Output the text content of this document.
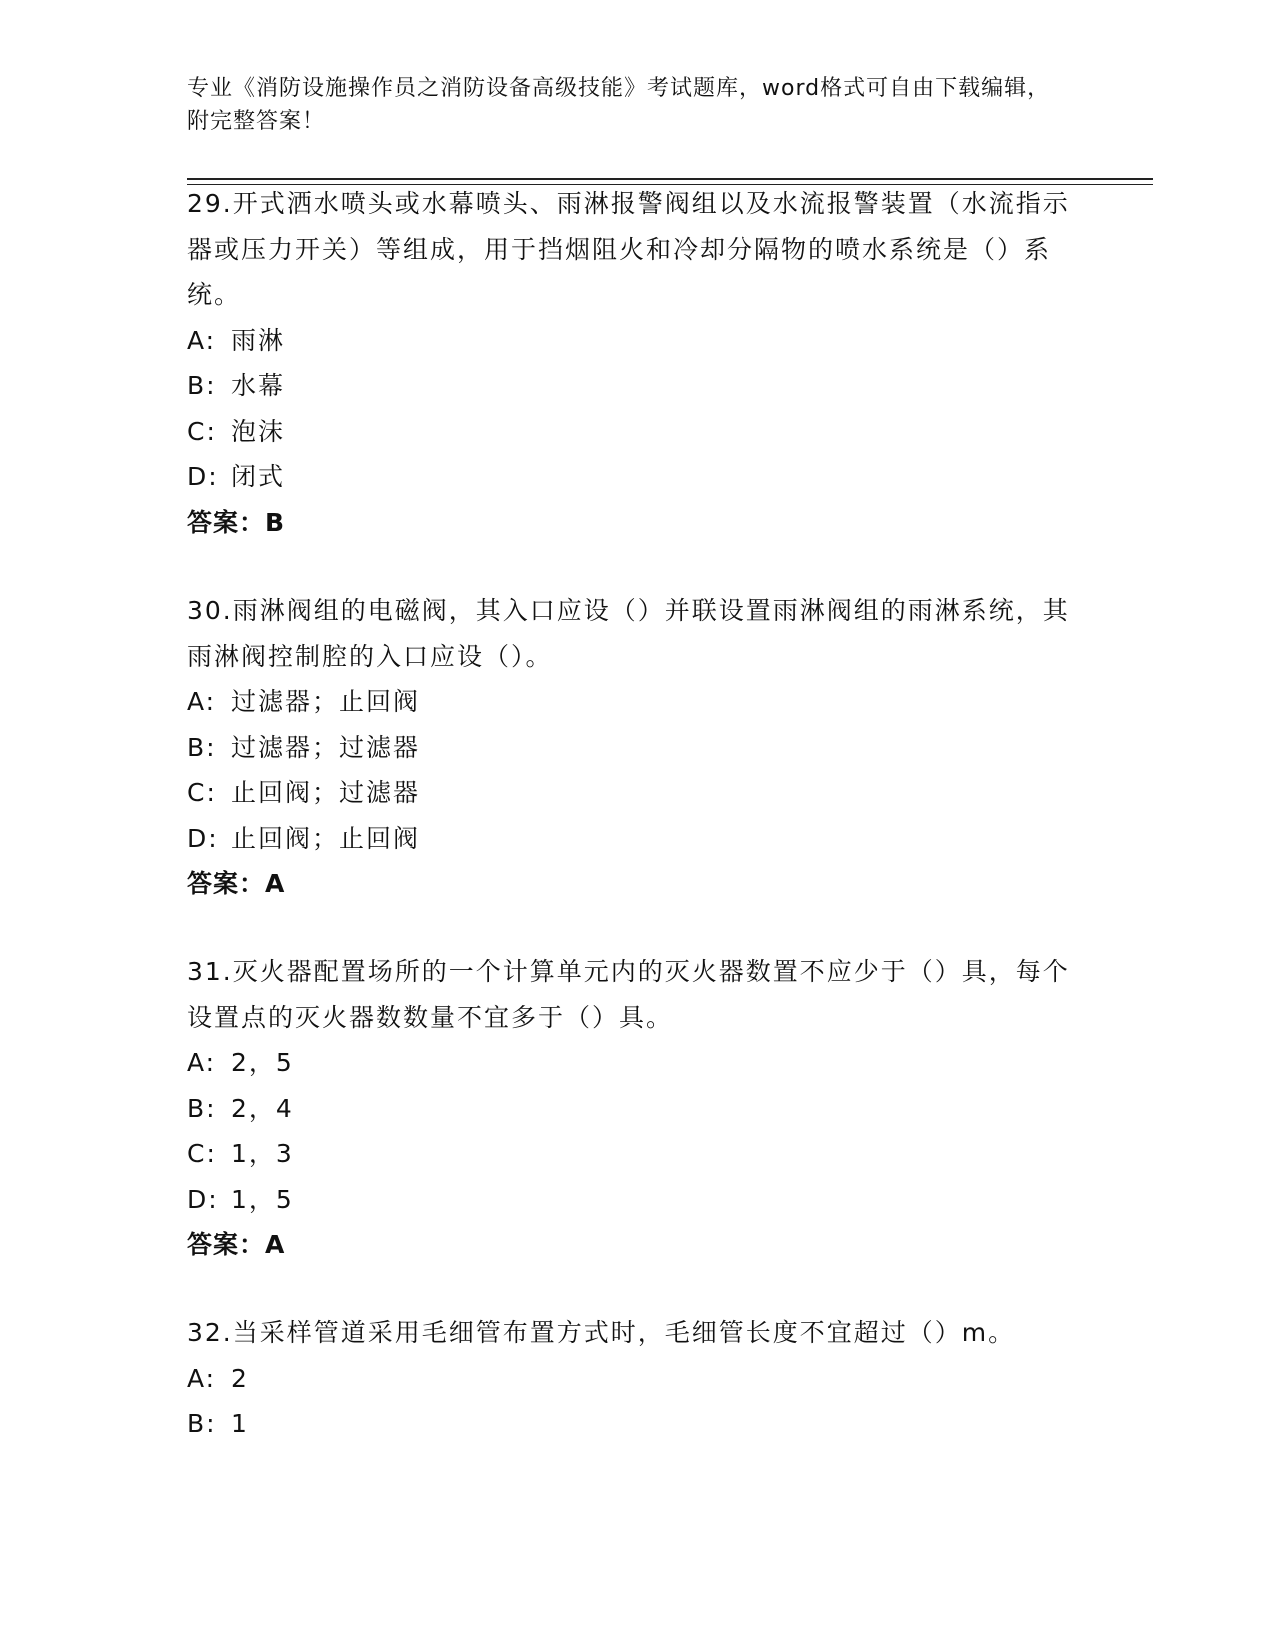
专业《消防设施操作员之消防设备高级技能》考试题库，word格式可自由下载编辑，附完整答案！
29.开式洒水喷头或水幕喷头、雨淋报警阀组以及水流报警装置（水流指示器或压力开关）等组成，用于挡烟阻火和冷却分隔物的喷水系统是（）系统。
A: 雨淋
B: 水幕
C: 泡沫
D: 闭式
答案：B
30.雨淋阀组的电磁阀，其入口应设（）并联设置雨淋阀组的雨淋系统，其雨淋阀控制腔的入口应设（）。
A: 过滤器；止回阀
B: 过滤器；过滤器
C: 止回阀；过滤器
D: 止回阀；止回阀
答案：A
31.灭火器配置场所的一个计算单元内的灭火器数置不应少于（）具，每个设置点的灭火器数数量不宜多于（）具。
A: 2，5
B: 2，4
C: 1，3
D: 1，5
答案：A
32.当采样管道采用毛细管布置方式时，毛细管长度不宜超过（）m。
A: 2
B: 1
